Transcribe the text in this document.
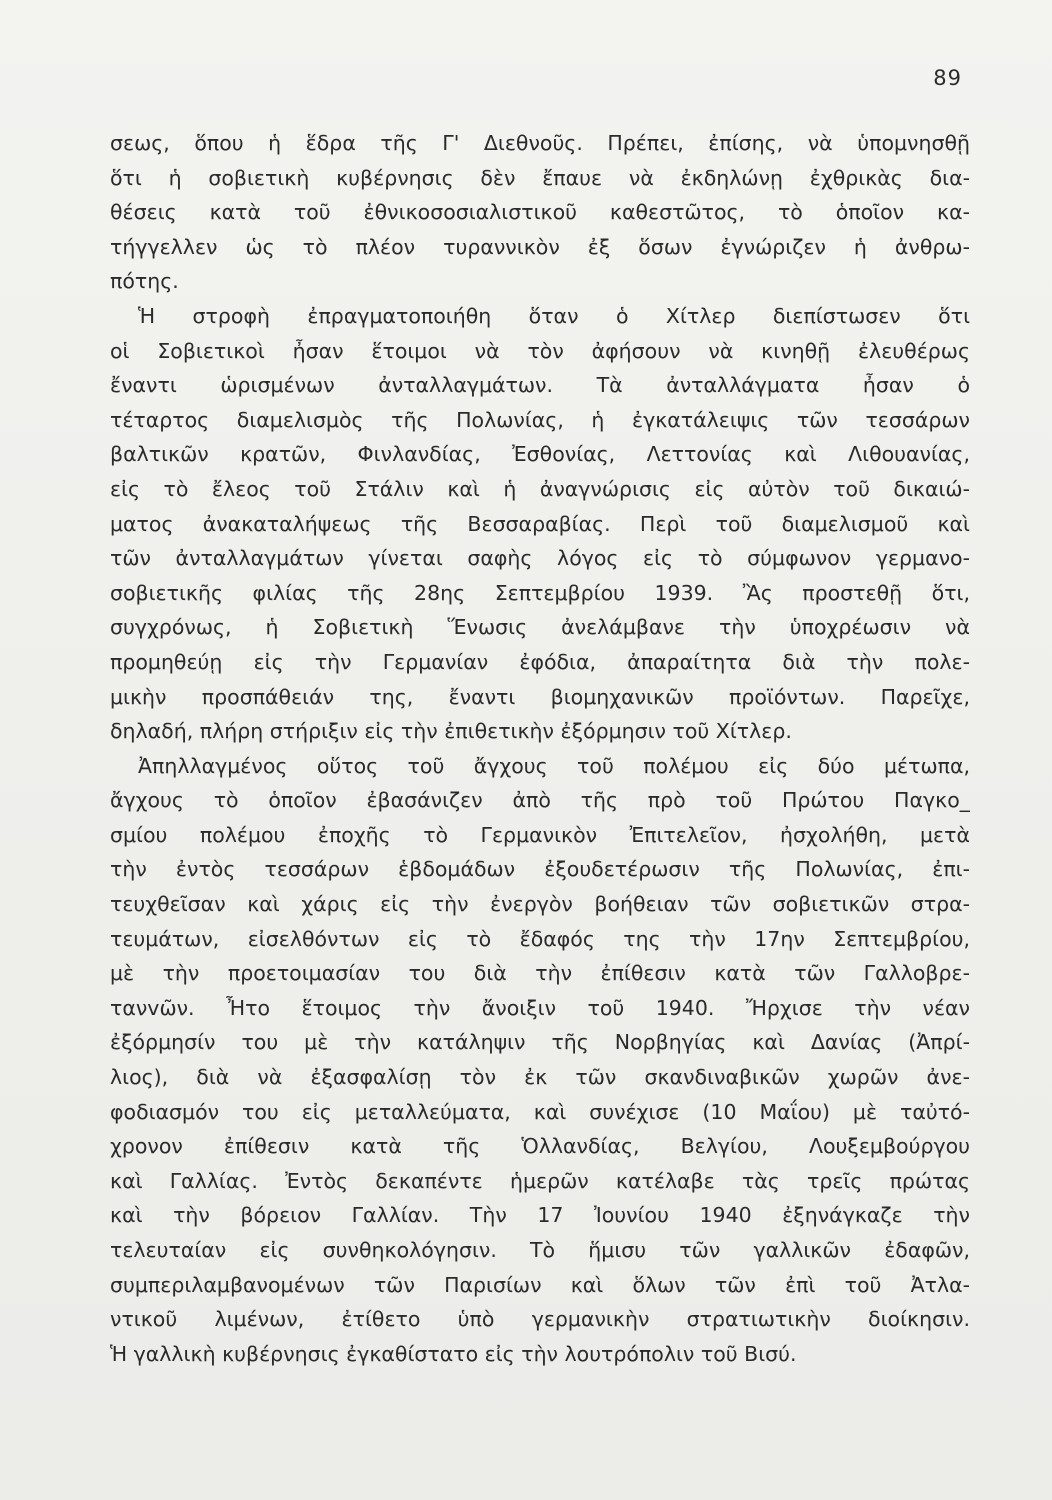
89
σεως, ὅπου ἡ ἕδρα τῆς Γ' Διεθνοῦς. Πρέπει, ἐπίσης, νὰ ὑπομνησθῇ
ὅτι ἡ σοβιετικὴ κυβέρνησις δὲν ἔπαυε νὰ ἐκδηλώνῃ ἐχθρικὰς δια-
θέσεις κατὰ τοῦ ἐθνικοσοσιαλιστικοῦ καθεστῶτος, τὸ ὁποῖον κα-
τήγγελλεν ὡς τὸ πλέον τυραννικὸν ἐξ ὅσων ἐγνώριζεν ἡ ἀνθρω-
πότης.
Ἡ στροφὴ ἐπραγματοποιήθη ὅταν ὁ Χίτλερ διεπίστωσεν ὅτι
οἱ Σοβιετικοὶ ἦσαν ἕτοιμοι νὰ τὸν ἀφήσουν νὰ κινηθῇ ἐλευθέρως
ἔναντι ὡρισμένων ἀνταλλαγμάτων. Τὰ ἀνταλλάγματα ἦσαν ὁ
τέταρτος διαμελισμὸς τῆς Πολωνίας, ἡ ἐγκατάλειψις τῶν τεσσάρων
βαλτικῶν κρατῶν, Φινλανδίας, Ἐσθονίας, Λεττονίας καὶ Λιθουανίας,
εἰς τὸ ἔλεος τοῦ Στάλιν καὶ ἡ ἀναγνώρισις εἰς αὐτὸν τοῦ δικαιώ-
ματος ἀνακαταλήψεως τῆς Βεσσαραβίας. Περὶ τοῦ διαμελισμοῦ καὶ
τῶν ἀνταλλαγμάτων γίνεται σαφὴς λόγος εἰς τὸ σύμφωνον γερμανο-
σοβιετικῆς φιλίας τῆς 28ης Σεπτεμβρίου 1939. Ἂς προστεθῇ ὅτι,
συγχρόνως, ἡ Σοβιετικὴ Ἕνωσις ἀνελάμβανε τὴν ὑποχρέωσιν νὰ
προμηθεύῃ εἰς τὴν Γερμανίαν ἐφόδια, ἀπαραίτητα διὰ τὴν πολε-
μικὴν προσπάθειάν της, ἔναντι βιομηχανικῶν προϊόντων. Παρεῖχε,
δηλαδή, πλήρη στήριξιν εἰς τὴν ἐπιθετικὴν ἐξόρμησιν τοῦ Χίτλερ.
Ἀπηλλαγμένος οὕτος τοῦ ἄγχους τοῦ πολέμου εἰς δύο μέτωπα,
ἄγχους τὸ ὁποῖον ἐβασάνιζεν ἀπὸ τῆς πρὸ τοῦ Πρώτου Παγκο_
σμίου πολέμου ἐποχῆς τὸ Γερμανικὸν Ἐπιτελεῖον, ἠσχολήθη, μετὰ
τὴν ἐντὸς τεσσάρων ἑβδομάδων ἐξουδετέρωσιν τῆς Πολωνίας, ἐπι-
τευχθεῖσαν καὶ χάρις εἰς τὴν ἐνεργὸν βοήθειαν τῶν σοβιετικῶν στρα-
τευμάτων, εἰσελθόντων εἰς τὸ ἔδαφός της τὴν 17ην Σεπτεμβρίου,
μὲ τὴν προετοιμασίαν του διὰ τὴν ἐπίθεσιν κατὰ τῶν Γαλλοβρε-
τανvῶν. Ἦτο ἕτοιμος τὴν ἄνοιξιν τοῦ 1940. Ἤρχισε τὴν νέαν
ἐξόρμησίν του μὲ τὴν κατάληψιν τῆς Νορβηγίας καὶ Δανίας (Ἀπρί-
λιος), διὰ νὰ ἐξασφαλίσῃ τὸν ἐκ τῶν σκανδιναβικῶν χωρῶν ἀνε-
φοδιασμόν του εἰς μεταλλεύματα, καὶ συνέχισε (10 Μαΐου) μὲ ταὐτό-
χρονον ἐπίθεσιν κατὰ τῆς Ὁλλανδίας, Βελγίου, Λουξεμβούργου
καὶ Γαλλίας. Ἐντὸς δεκαπέντε ἡμερῶν κατέλαβε τὰς τρεῖς πρώτας
καὶ τὴν βόρειον Γαλλίαν. Τὴν 17 Ἰουνίου 1940 ἐξηνάγκαζε τὴν
τελευταίαν εἰς συνθηκολόγησιν. Τὸ ἥμισυ τῶν γαλλικῶν ἐδαφῶν,
συμπεριλαμβανομένων τῶν Παρισίων καὶ ὅλων τῶν ἐπὶ τοῦ Ἀτλα-
ντικοῦ λιμένων, ἐτίθετο ὑπὸ γερμανικὴν στρατιωτικὴν διοίκησιν.
Ἡ γαλλικὴ κυβέρνησις ἐγκαθίστατο εἰς τὴν λουτρόπολιν τοῦ Βισύ.
